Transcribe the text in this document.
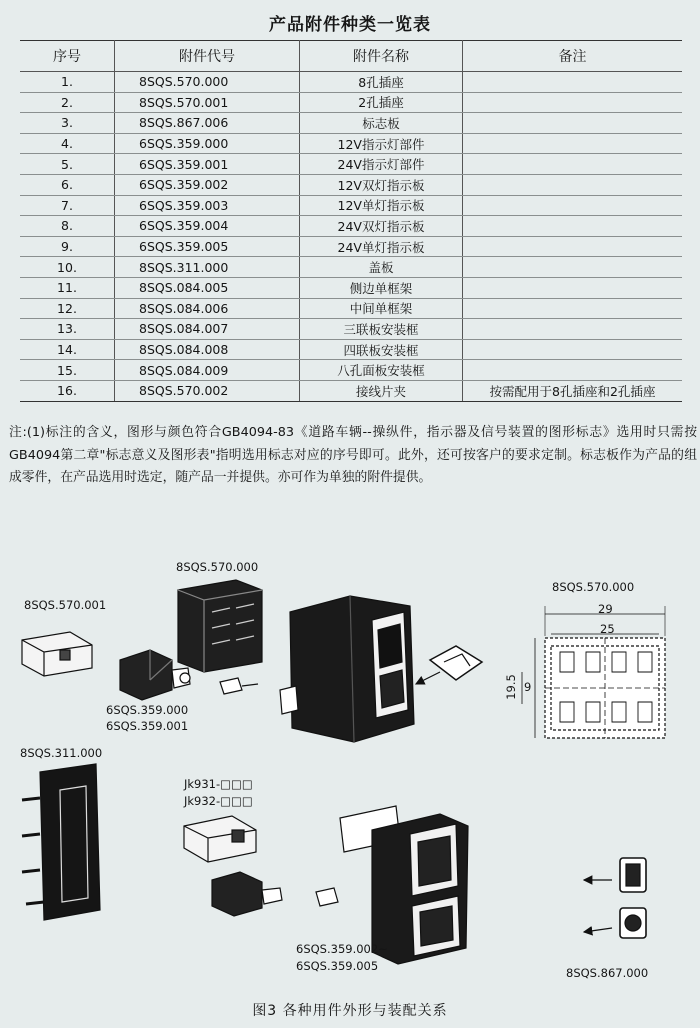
产品附件种类一览表
序号	附件代号	附件名称	备注
1.	8SQS.570.000	8孔插座	
2.	8SQS.570.001	2孔插座	
3.	8SQS.867.006	标志板	
4.	6SQS.359.000	12V指示灯部件	
5.	6SQS.359.001	24V指示灯部件	
6.	6SQS.359.002	12V双灯指示板	
7.	6SQS.359.003	12V单灯指示板	
8.	6SQS.359.004	24V双灯指示板	
9.	6SQS.359.005	24V单灯指示板	
10.	8SQS.311.000	盖板	
11.	8SQS.084.005	侧边单框架	
12.	8SQS.084.006	中间单框架	
13.	8SQS.084.007	三联板安装框	
14.	8SQS.084.008	四联板安装框	
15.	8SQS.084.009	八孔面板安装框	
16.	8SQS.570.002	接线片夹	按需配用于8孔插座和2孔插座
注:(1)标注的含义，图形与颜色符合GB4094-83《道路车辆--操纵件，指示器及信号装置的图形标志》选用时只需按GB4094第二章"标志意义及图形表"指明选用标志对应的序号即可。此外，还可按客户的要求定制。标志板作为产品的组成零件，在产品选用时选定，随产品一并提供。亦可作为单独的附件提供。
8SQS.570.000
8SQS.570.001
6SQS.359.000
6SQS.359.001
8SQS.570.000
29
25
19.5 9
8SQS.311.000
Jk931-□□□
Jk932-□□□
6SQS.359.002~
6SQS.359.005	8SQS.867.000
图3 各种用件外形与装配关系
